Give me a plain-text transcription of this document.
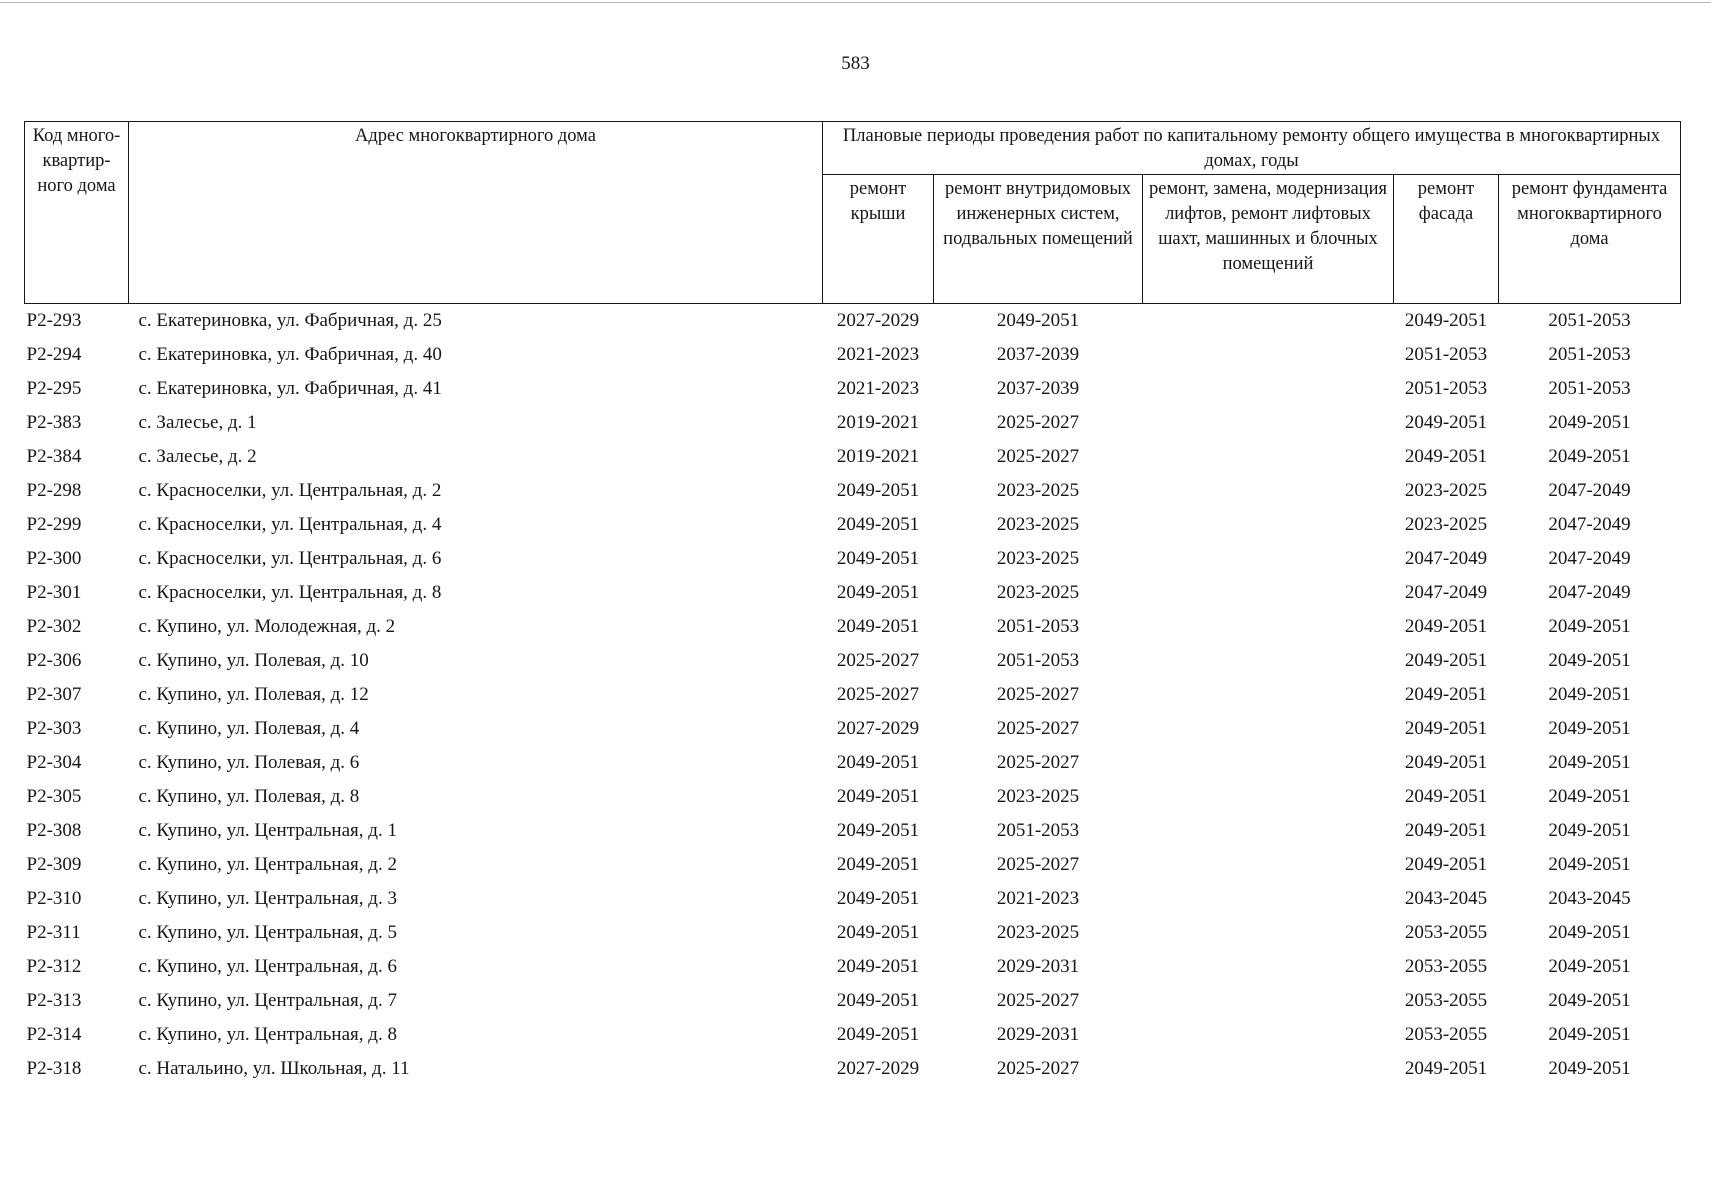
583
Код много-квартир-ного дома	Адрес многоквартирного дома	Плановые периоды проведения работ по капитальному ремонту общего имущества в многоквартирных домах, годы				
		ремонт крыши	ремонт внутридомовых инженерных систем, подвальных помещений	ремонт, замена, модернизация лифтов, ремонт лифтовых шахт, машинных и блочных помещений	ремонт фасада	ремонт фундамента многоквартирного дома
Р2-293	с. Екатериновка, ул. Фабричная, д. 25	2027-2029	2049-2051		2049-2051	2051-2053
Р2-294	с. Екатериновка, ул. Фабричная, д. 40	2021-2023	2037-2039		2051-2053	2051-2053
Р2-295	с. Екатериновка, ул. Фабричная, д. 41	2021-2023	2037-2039		2051-2053	2051-2053
Р2-383	с. Залесье, д. 1	2019-2021	2025-2027		2049-2051	2049-2051
Р2-384	с. Залесье, д. 2	2019-2021	2025-2027		2049-2051	2049-2051
Р2-298	с. Красноселки, ул. Центральная, д. 2	2049-2051	2023-2025		2023-2025	2047-2049
Р2-299	с. Красноселки, ул. Центральная, д. 4	2049-2051	2023-2025		2023-2025	2047-2049
Р2-300	с. Красноселки, ул. Центральная, д. 6	2049-2051	2023-2025		2047-2049	2047-2049
Р2-301	с. Красноселки, ул. Центральная, д. 8	2049-2051	2023-2025		2047-2049	2047-2049
Р2-302	с. Купино, ул. Молодежная, д. 2	2049-2051	2051-2053		2049-2051	2049-2051
Р2-306	с. Купино, ул. Полевая, д. 10	2025-2027	2051-2053		2049-2051	2049-2051
Р2-307	с. Купино, ул. Полевая, д. 12	2025-2027	2025-2027		2049-2051	2049-2051
Р2-303	с. Купино, ул. Полевая, д. 4	2027-2029	2025-2027		2049-2051	2049-2051
Р2-304	с. Купино, ул. Полевая, д. 6	2049-2051	2025-2027		2049-2051	2049-2051
Р2-305	с. Купино, ул. Полевая, д. 8	2049-2051	2023-2025		2049-2051	2049-2051
Р2-308	с. Купино, ул. Центральная, д. 1	2049-2051	2051-2053		2049-2051	2049-2051
Р2-309	с. Купино, ул. Центральная, д. 2	2049-2051	2025-2027		2049-2051	2049-2051
Р2-310	с. Купино, ул. Центральная, д. 3	2049-2051	2021-2023		2043-2045	2043-2045
Р2-311	с. Купино, ул. Центральная, д. 5	2049-2051	2023-2025		2053-2055	2049-2051
Р2-312	с. Купино, ул. Центральная, д. 6	2049-2051	2029-2031		2053-2055	2049-2051
Р2-313	с. Купино, ул. Центральная, д. 7	2049-2051	2025-2027		2053-2055	2049-2051
Р2-314	с. Купино, ул. Центральная, д. 8	2049-2051	2029-2031		2053-2055	2049-2051
Р2-318	с. Натальино, ул. Школьная, д. 11	2027-2029	2025-2027		2049-2051	2049-2051
